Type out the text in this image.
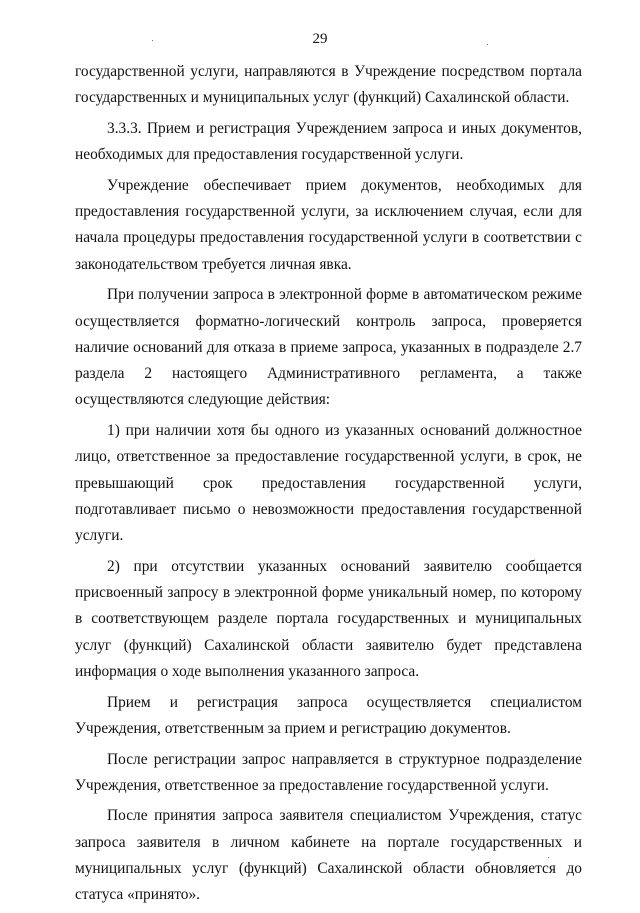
29

государственной услуги, направляются в Учреждение посредством портала государственных и муниципальных услуг (функций) Сахалинской области.

3.3.3. Прием и регистрация Учреждением запроса и иных документов, необходимых для предоставления государственной услуги.

Учреждение обеспечивает прием документов, необходимых для предоставления государственной услуги, за исключением случая, если для начала процедуры предоставления государственной услуги в соответствии с законодательством требуется личная явка.

При получении запроса в электронной форме в автоматическом режиме осуществляется форматно-логический контроль запроса, проверяется наличие оснований для отказа в приеме запроса, указанных в подразделе 2.7 раздела 2 настоящего Административного регламента, а также осуществляются следующие действия:

1) при наличии хотя бы одного из указанных оснований должностное лицо, ответственное за предоставление государственной услуги, в срок, не превышающий срок предоставления государственной услуги, подготавливает письмо о невозможности предоставления государственной услуги.

2) при отсутствии указанных оснований заявителю сообщается присвоенный запросу в электронной форме уникальный номер, по которому в соответствующем разделе портала государственных и муниципальных услуг (функций) Сахалинской области заявителю будет представлена информация о ходе выполнения указанного запроса.

Прием и регистрация запроса осуществляется специалистом Учреждения, ответственным за прием и регистрацию документов.

После регистрации запрос направляется в структурное подразделение Учреждения, ответственное за предоставление государственной услуги.

После принятия запроса заявителя специалистом Учреждения, статус запроса заявителя в личном кабинете на портале государственных и муниципальных услуг (функций) Сахалинской области обновляется до статуса «принято».
